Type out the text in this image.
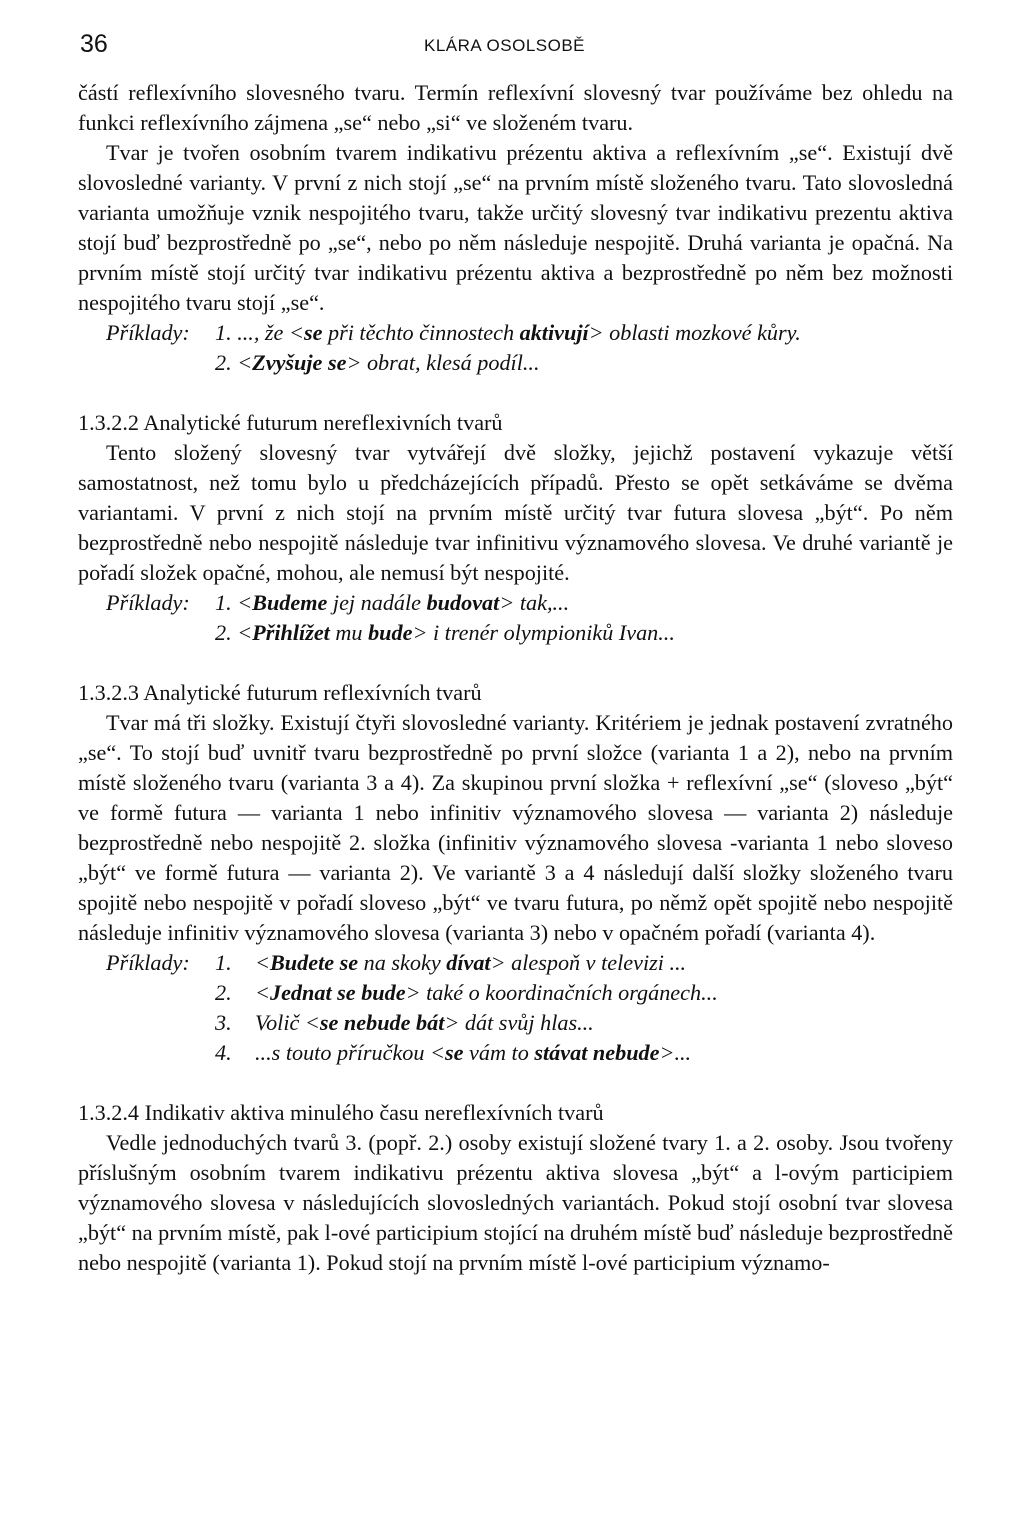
36	KLÁRA OSOLSOBĚ

částí reflexívního slovesného tvaru. Termín reflexívní slovesný tvar používáme bez ohledu na funkci reflexívního zájmena „se“ nebo „si“ ve složeném tvaru.

Tvar je tvořen osobním tvarem indikativu prézentu aktiva a reflexívním „se“. Existují dvě slovosledné varianty. V první z nich stojí „se“ na prvním místě složeného tvaru. Tato slovosledná varianta umožňuje vznik nespojitého tvaru, takže určitý slovesný tvar indikativu prezentu aktiva stojí buď bezprostředně po „se“, nebo po něm následuje nespojitě. Druhá varianta je opačná. Na prvním místě stojí určitý tvar indikativu prézentu aktiva a bezprostředně po něm bez možnosti nespojitého tvaru stojí „se“.

Příklady: 1. ..., že <se při těchto činnostech aktivují> oblasti mozkové kůry.
2. <Zvyšuje se> obrat, klesá podíl...

1.3.2.2 Analytické futurum nereflexivních tvarů

Tento složený slovesný tvar vytvářejí dvě složky, jejichž postavení vykazuje větší samostatnost, než tomu bylo u předcházejících případů. Přesto se opět setkáváme se dvěma variantami. V první z nich stojí na prvním místě určitý tvar futura slovesa „být“. Po něm bezprostředně nebo nespojitě následuje tvar infinitivu významového slovesa. Ve druhé variantě je pořadí složek opačné, mohou, ale nemusí být nespojité.

Příklady: 1. <Budeme jej nadále budovat> tak,...
2. <Přihlížet mu bude> i trenér olympioniků Ivan...

1.3.2.3 Analytické futurum reflexívních tvarů

Tvar má tři složky. Existují čtyři slovosledné varianty. Kritériem je jednak postavení zvratného „se“. To stojí buď uvnitř tvaru bezprostředně po první složce (varianta 1 a 2), nebo na prvním místě složeného tvaru (varianta 3 a 4). Za skupinou první složka + reflexívní „se“ (sloveso „být“ ve formě futura — varianta 1 nebo infinitiv významového slovesa — varianta 2) následuje bezprostředně nebo nespojitě 2. složka (infinitiv významového slovesa -varianta 1 nebo sloveso „být“ ve formě futura — varianta 2). Ve variantě 3 a 4 následují další složky složeného tvaru spojitě nebo nespojitě v pořadí sloveso „být“ ve tvaru futura, po němž opět spojitě nebo nespojitě následuje infinitiv významového slovesa (varianta 3) nebo v opačném pořadí (varianta 4).

Příklady: 1. <Budete se na skoky dívat> alespoň v televizi ...
2. <Jednat se bude> také o koordinačních orgánech...
3. Volič <se nebude bát> dát svůj hlas...
4. ...s touto příručkou <se vám to stávat nebude>...

1.3.2.4 Indikativ aktiva minulého času nereflexívních tvarů

Vedle jednoduchých tvarů 3. (popř. 2.) osoby existují složené tvary 1. a 2. osoby. Jsou tvořeny příslušným osobním tvarem indikativu prézentu aktiva slovesa „být“ a l-ovým participiem významového slovesa v následujících slovosledných variantách. Pokud stojí osobní tvar slovesa „být“ na prvním místě, pak l-ové participium stojící na druhém místě buď následuje bezprostředně nebo nespojitě (varianta 1). Pokud stojí na prvním místě l-ové participium významo-
